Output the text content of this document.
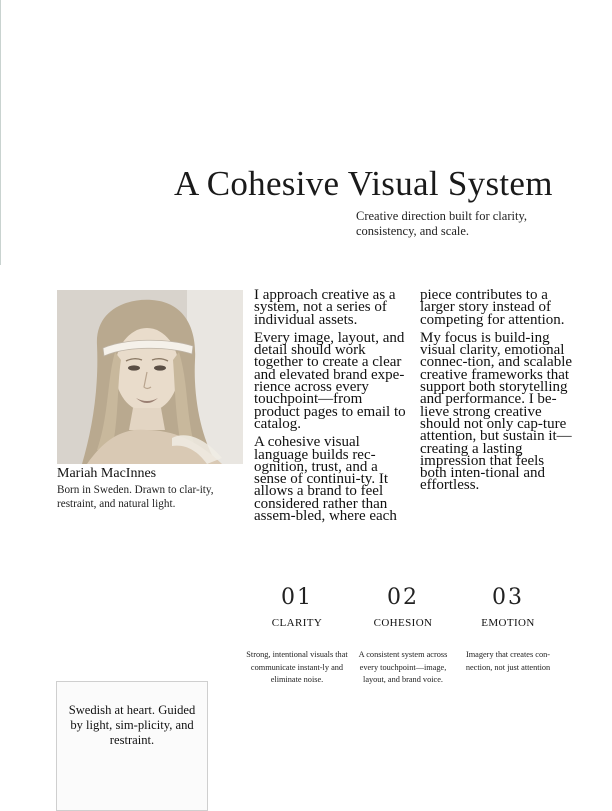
A Cohesive Visual System
Creative direction built for clarity, consistency, and scale.
Mariah MacInnes
Born in Sweden. Drawn to clar-ity, restraint, and natural light.

I approach creative as a system, not a series of individual assets.

Every image, layout, and detail should work together to create a clear and elevated brand expe-rience across every touchpoint—from product pages to email to catalog.

A cohesive visual language builds rec-ognition, trust, and a sense of continui-ty. It allows a brand to feel considered rather than assem-bled, where each

piece contributes to a larger story instead of competing for attention.

My focus is build-ing visual clarity, emotional connec-tion, and scalable creative frameworks that support both storytelling and performance. I be-lieve strong creative should not only cap-ture attention, but sustain it—creating a lasting impression that feels both inten-tional and effortless.

01
CLARITY
Strong, intentional visuals that communicate instant-ly and eliminate noise.
02
COHESION
A consistent system across every touchpoint—image, layout, and brand voice.
03
EMOTION
Imagery that creates con-nection, not just attention
Swedish at heart. Guided by light, sim-plicity, and restraint.
